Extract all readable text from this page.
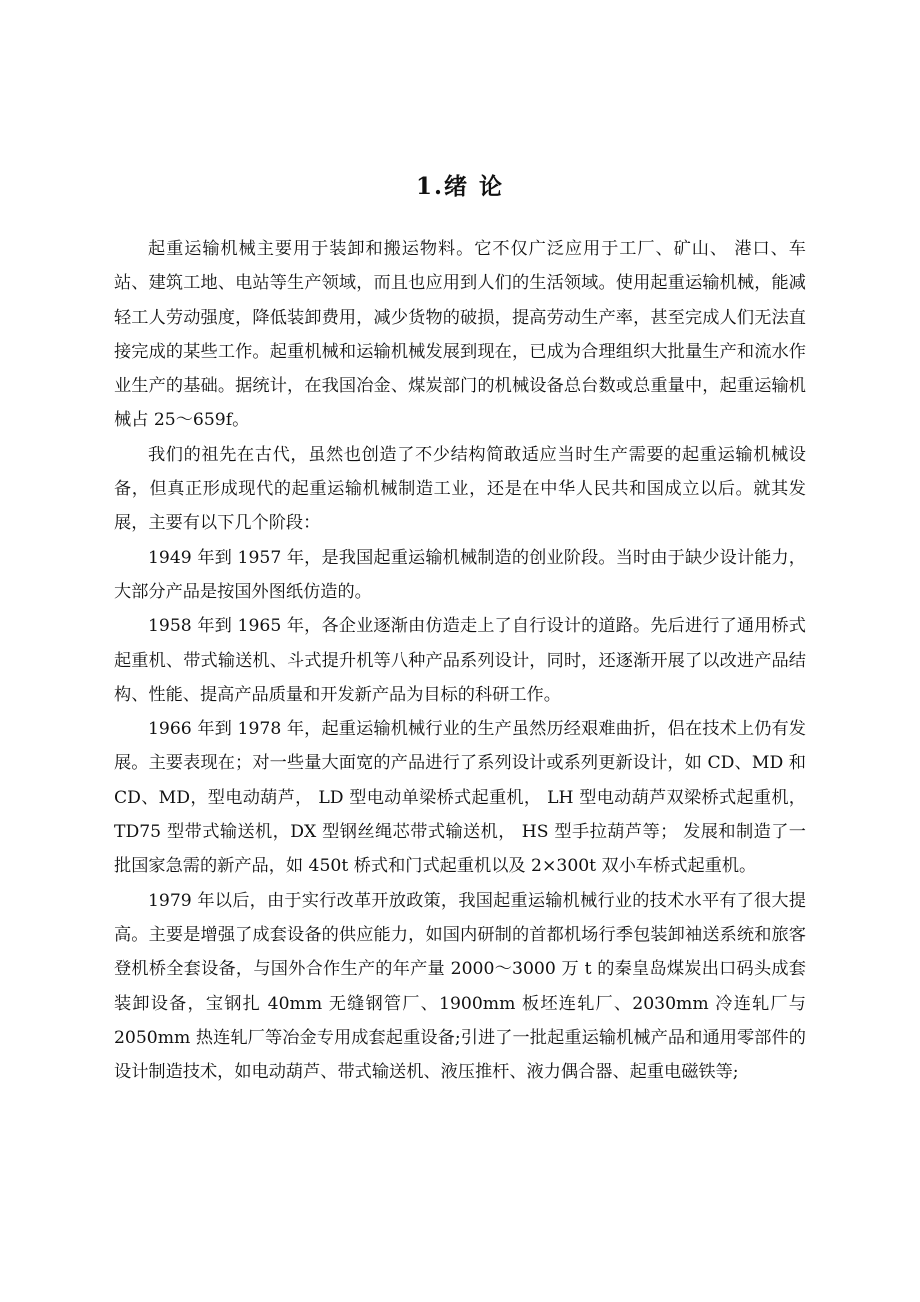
1.绪 论

起重运输机械主要用于装卸和搬运物料。它不仅广泛应用于工厂、矿山、 港口、车站、建筑工地、电站等生产领域，而且也应用到人们的生活领域。使用起重运输机械，能减轻工人劳动强度，降低装卸费用，减少货物的破损，提高劳动生产率，甚至完成人们无法直接完成的某些工作。起重机械和运输机械发展到现在，已成为合理组织大批量生产和流水作业生产的基础。据统计，在我国冶金、煤炭部门的机械设备总台数或总重量中，起重运输机械占 25～659f。

我们的祖先在古代，虽然也创造了不少结构简敢适应当时生产需要的起重运输机械设备，但真正形成现代的起重运输机械制造工业，还是在中华人民共和国成立以后。就其发展，主要有以下几个阶段：

1949 年到 1957 年，是我国起重运输机械制造的创业阶段。当时由于缺少设计能力，大部分产品是按国外图纸仿造的。

1958 年到 1965 年，各企业逐渐由仿造走上了自行设计的道路。先后进行了通用桥式起重机、带式输送机、斗式提升机等八种产品系列设计，同时，还逐渐开展了以改进产品结构、性能、提高产品质量和开发新产品为目标的科研工作。

1966 年到 1978 年，起重运输机械行业的生产虽然历经艰难曲折，侣在技术上仍有发展。主要表现在；对一些量大面宽的产品进行了系列设计或系列更新设计，如 CD、MD 和 CD、MD，型电动葫芦， LD 型电动单梁桥式起重机， LH 型电动葫芦双梁桥式起重机，TD75 型带式输送机，DX 型钢丝绳芯带式输送机， HS 型手拉葫芦等； 发展和制造了一批国家急需的新产品，如 450t 桥式和门式起重机以及 2×300t 双小车桥式起重机。

1979 年以后，由于实行改革开放政策，我国起重运输机械行业的技术水平有了很大提高。主要是增强了成套设备的供应能力，如国内研制的首都机场行季包装卸袖送系统和旅客登机桥全套设备，与国外合作生产的年产量 2000～3000 万 t 的秦皇岛煤炭出口码头成套装卸设备，宝钢扎 40mm 无缝钢管厂、1900mm 板坯连轧厂、2030mm 冷连轧厂与 2050mm 热连轧厂等冶金专用成套起重设备;引进了一批起重运输机械产品和通用零部件的设计制造技术，如电动葫芦、带式输送机、液压推杆、液力偶合器、起重电磁铁等;
